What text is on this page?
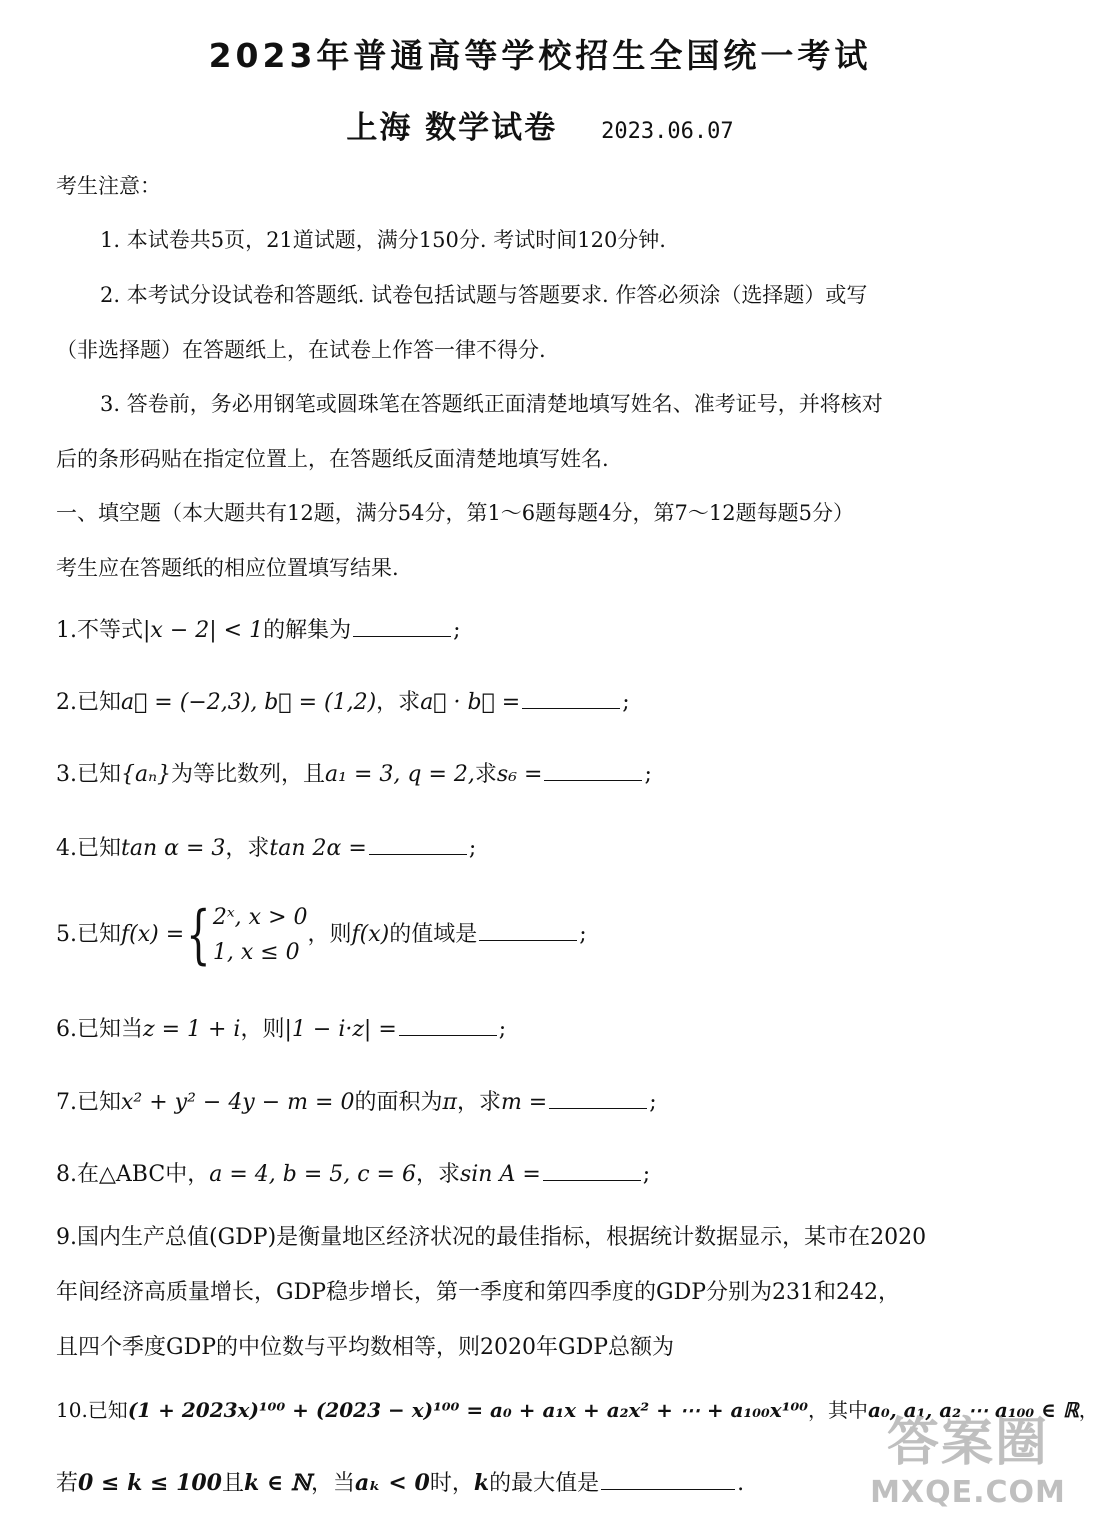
2023年普通高等学校招生全国统一考试
上海 数学试卷 2023.06.07
考生注意：
1. 本试卷共5页，21道试题，满分150分. 考试时间120分钟.
2. 本考试分设试卷和答题纸. 试卷包括试题与答题要求. 作答必须涂（选择题）或写
（非选择题）在答题纸上，在试卷上作答一律不得分.
3. 答卷前，务必用钢笔或圆珠笔在答题纸正面清楚地填写姓名、准考证号，并将核对
后的条形码贴在指定位置上，在答题纸反面清楚地填写姓名.
一、填空题（本大题共有12题，满分54分，第1～6题每题4分，第7～12题每题5分）
考生应在答题纸的相应位置填写结果.
1.不等式|x − 2| < 1的解集为	;
2.已知a⃗ = (−2,3), b⃗ = (1,2)，求a⃗ · b⃗ =	;
3.已知{aₙ}为等比数列，且a₁ = 3, q = 2,求s₆ =	;
4.已知tan α = 3，求tan 2α =	;
5.已知f(x) ={2ˣ, x > 0
1, x ≤ 0，则f(x)的值域是	;
6.已知当z = 1 + i，则|1 − i·z| =	;
7.已知x² + y² − 4y − m = 0的面积为π，求m =	;
8.在△ABC中，a = 4, b = 5, c = 6，求sin A =	;
9.国内生产总值(GDP)是衡量地区经济状况的最佳指标，根据统计数据显示，某市在2020
年间经济高质量增长，GDP稳步增长，第一季度和第四季度的GDP分别为231和242，
且四个季度GDP的中位数与平均数相等，则2020年GDP总额为
10.已知(1 + 2023x)¹⁰⁰ + (2023 − x)¹⁰⁰ = a₀ + a₁x + a₂x² + ⋯ + a₁₀₀x¹⁰⁰，其中a₀, a₁, a₂ ⋯ a₁₀₀ ∈ ℝ，
若0 ≤ k ≤ 100且k ∈ ℕ，当aₖ < 0时，k的最大值是	.
答案圈
MXQE.COM
